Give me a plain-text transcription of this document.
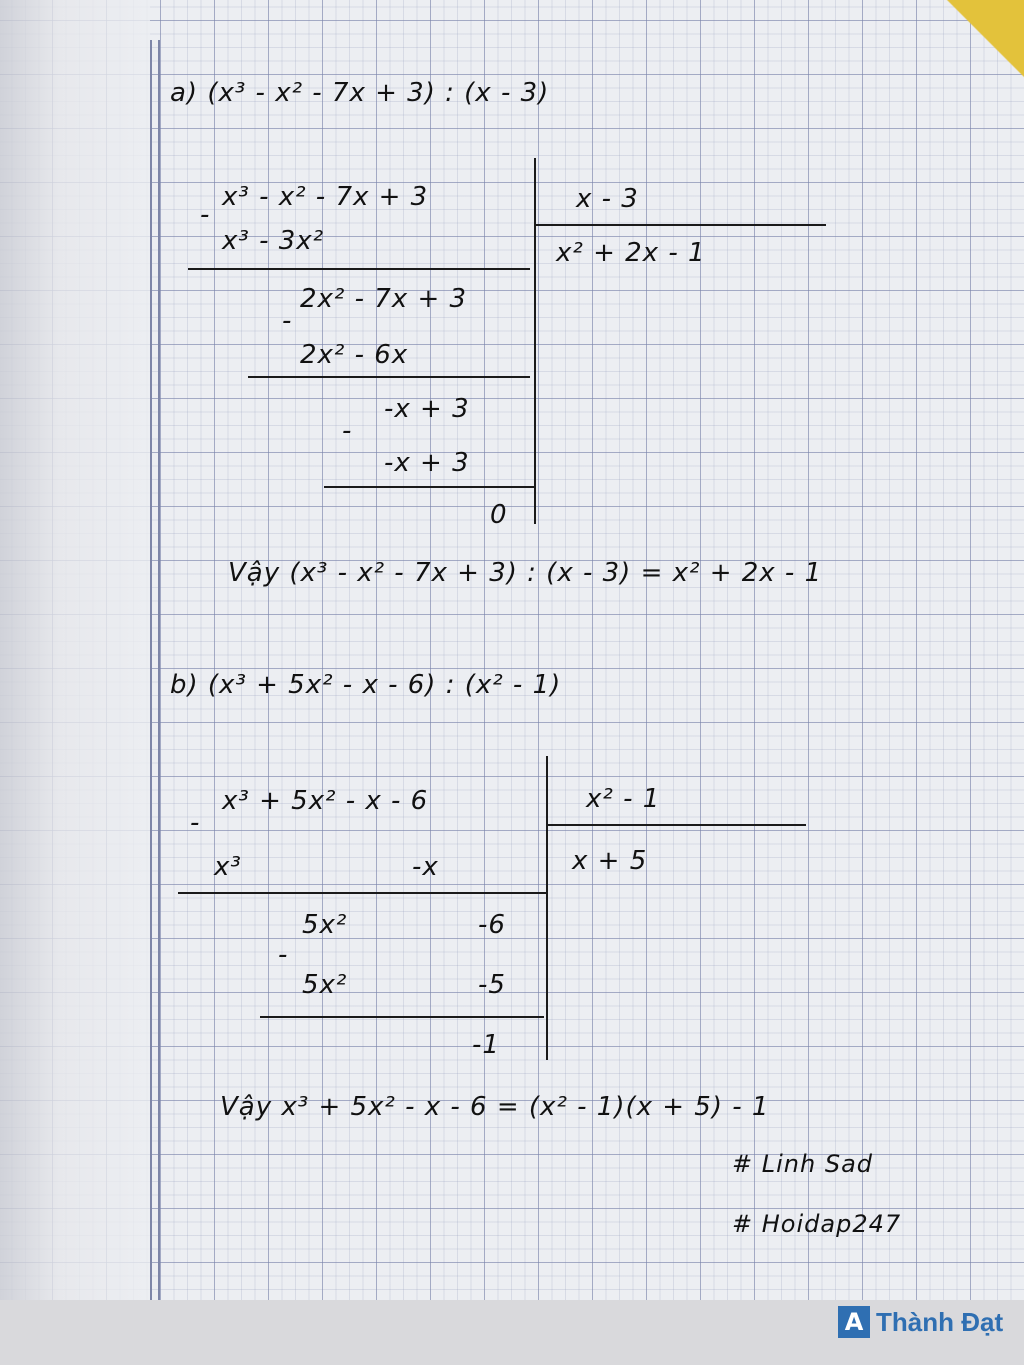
a) (x³ - x² - 7x + 3) : (x - 3)
x³ - x² - 7x + 3
-
x³ - 3x²
2x² - 7x + 3
-
2x² - 6x
-x + 3
-
-x + 3
0
x - 3
x² + 2x - 1
Vậy (x³ - x² - 7x + 3) : (x - 3) = x² + 2x - 1
b) (x³ + 5x² - x - 6) : (x² - 1)
x³ + 5x² - x - 6
-
x³	-x
5x²	-6
-
5x²	-5
-1
x² - 1
x + 5
Vậy x³ + 5x² - x - 6 = (x² - 1)(x + 5) - 1
# Linh Sad
# Hoidap247
A Thành Đạt
